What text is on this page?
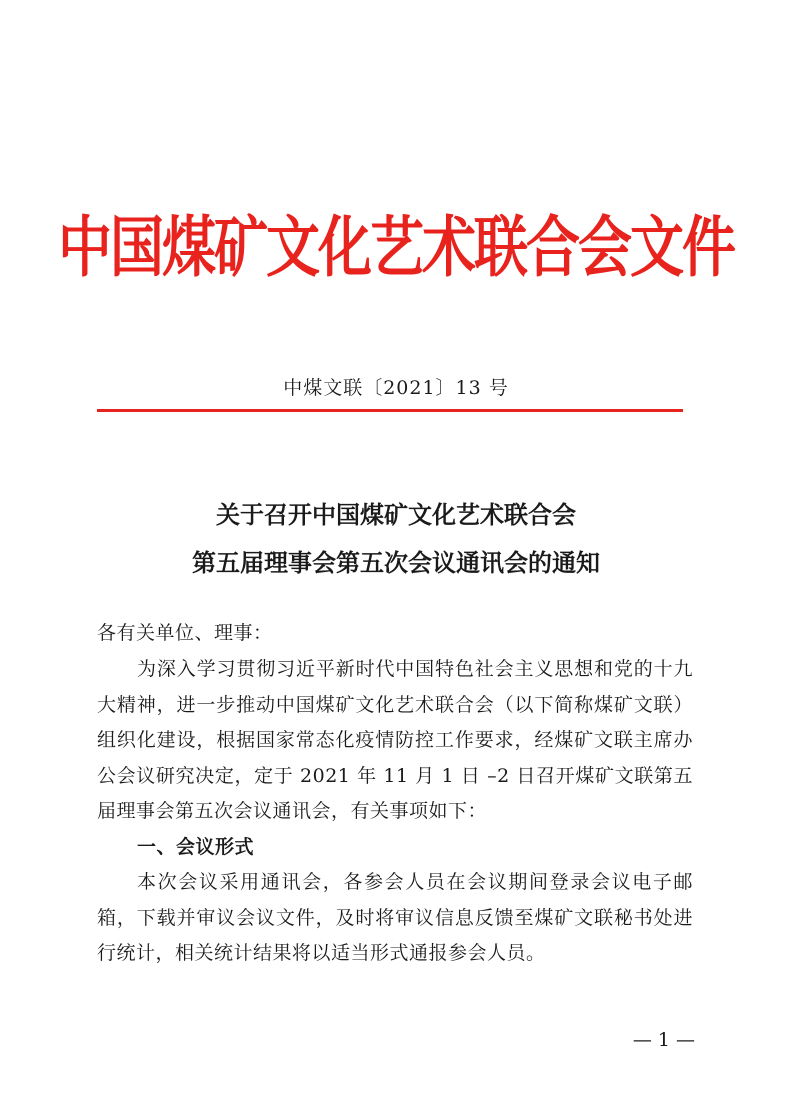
中国煤矿文化艺术联合会文件
中煤文联〔2021〕13 号
关于召开中国煤矿文化艺术联合会
第五届理事会第五次会议通讯会的通知
各有关单位、理事：
为深入学习贯彻习近平新时代中国特色社会主义思想和党的十九大精神，进一步推动中国煤矿文化艺术联合会（以下简称煤矿文联）组织化建设，根据国家常态化疫情防控工作要求，经煤矿文联主席办公会议研究决定，定于 2021 年 11 月 1 日 –2 日召开煤矿文联第五届理事会第五次会议通讯会，有关事项如下：
一、会议形式
本次会议采用通讯会，各参会人员在会议期间登录会议电子邮箱，下载并审议会议文件，及时将审议信息反馈至煤矿文联秘书处进行统计，相关统计结果将以适当形式通报参会人员。
— 1 —
